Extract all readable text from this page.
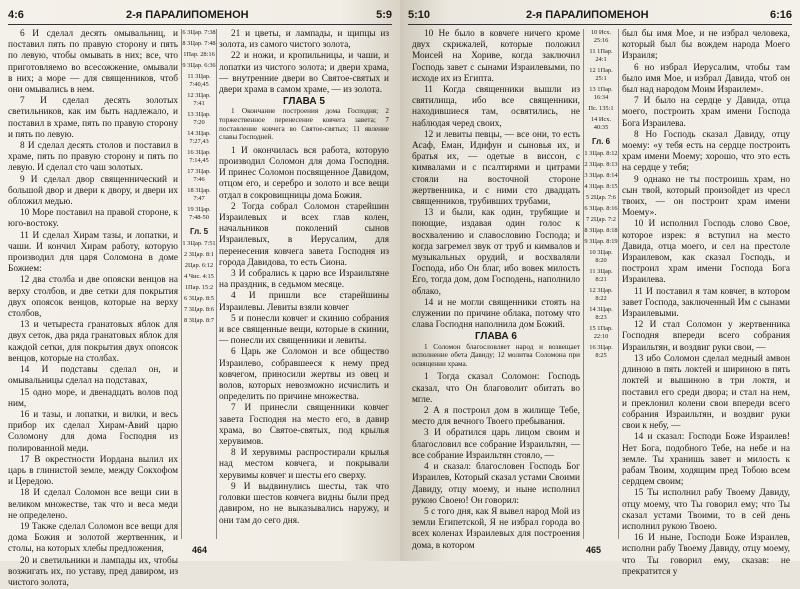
4:6	2-я ПАРАЛИПОМЕНОН	5:9

6 И сделал десять омывальниц, и поставил пять по правую сторону и пять по левую, чтобы омывать в них; все, что приготовляемо во всесожжение, омывали в них; а море — для священников, чтоб они омывались в нем.

7 И сделал десять золотых светильников, как им быть надлежало, и поставил в храме, пять по правую сторону и пять по левую.

8 И сделал десять столов и поставил в храме, пять по правую сторону и пять по левую. И сделал сто чаш золотых.

9 И сделал двор священнический и большой двор и двери к двору, и двери их обложил медью.

10 Море поставил на правой стороне, к юго-востоку.

11 И сделал Хирам тазы, и лопатки, и чаши. И кончил Хирам работу, которую производил для царя Соломона в доме Божием:

12 два столба и две опояски венцов на верху столбов, и две сетки для покрытия двух опоясок венцов, которые на верху столбов,

13 и четыреста гранатовых яблок для двух сеток, два ряда гранатовых яблок для каждой сетки, для покрытия двух опоясок венцов, которые на столбах.

14 И подставы сделал он, и омывальницы сделал на подставах,

15 одно море, и двенадцать волов под ним,

16 и тазы, и лопатки, и вилки, и весь прибор их сделал Хирам-Авий царю Соломону для дома Господня из полированной меди.

17 В окрестности Иордана вылил их царь в глинистой земле, между Сокхофом и Цередою.

18 И сделал Соломон все вещи сии в великом множестве, так что и веса меди не определено.

19 Также сделал Соломон все вещи для дома Божия и золотой жертвенник, и столы, на которых хлебы предложения,

20 и светильники и лампады их, чтобы возжигать их, по уставу, пред давиром, из чистого золота,

6 3Цар. 7:38
8 3Цар. 7:48
1Пар. 28:16
9 3Цар. 6:36
11 3Цар. 7:40,45
12 3Цар. 7:41
13 3Цар. 7:20
14 3Цар. 7:27,43
16 3Цар. 7:14,45
17 3Цар. 7:46
18 3Цар. 7:47
19 3Цар. 7:48-50
Гл. 5
1 3Цар. 7:51
2 3Цар. 8:1
2Цар. 6:12
4 Чис. 4:15
1Пар. 15:2
6 3Цар. 8:5
7 3Цар. 8:6
8 3Цар. 8:7

21 и цветы, и лампады, и щипцы из золота, из самого чистого золота,

22 и ножи, и кропильницы, и чаши, и лопатки из чистого золота; и двери храма, — внутренние двери во Святое-святых и двери храма в самом храме, — из золота.

ГЛАВА 5

1 Окончание построения дома Господня; 2 торжественное перенесение ковчега завета; 7 поставление ковчега во Святое-святых; 11 явление славы Господней.

1 И окончилась вся работа, которую производил Соломон для дома Господня. И принес Соломон посвященное Давидом, отцом его, и серебро и золото и все вещи отдал в сокровищницы дома Божия.

2 Тогда собрал Соломон старейшин Израилевых и всех глав колен, начальников поколений сынов Израилевых, в Иерусалим, для перенесения ковчега завета Господня из города Давидова, то есть Сиона.

3 И собрались к царю все Израильтяне на праздник, в седьмом месяце.

4 И пришли все старейшины Израилевы. Левиты взяли ковчег

5 и понесли ковчег и скинию собрания и все священные вещи, которые в скинии, — понесли их священники и левиты.

6 Царь же Соломон и все общество Израилево, собравшееся к нему пред ковчегом, приносили жертвы из овец и волов, которых невозможно исчислить и определить по причине множества.

7 И принесли священники ковчег завета Господня на место его, в давир храма, во Святое-святых, под крылья херувимов.

8 И херувимы распростирали крылья над местом ковчега, и покрывали херувимы ковчег и шесты его сверху.

9 И выдвинулись шесты, так что головки шестов ковчега видны были пред давиром, но не выказывались наружу, и они там до сего дня.

464
5:10	2-я ПАРАЛИПОМЕНОН	6:16

10 Не было в ковчеге ничего кроме двух скрижалей, которые положил Моисей на Хориве, когда заключил Господь завет с сынами Израилевыми, по исходе их из Египта.

11 Когда священники вышли из святилища, ибо все священники, находившиеся там, освятились, не наблюдая черед своих,

12 и левиты певцы, — все они, то есть Асаф, Еман, Идифун и сыновья их, и братья их, — одетые в виссон, с кимвалами и с псалтирями и цитрами стояли на восточной стороне жертвенника, и с ними сто двадцать священников, трубивших трубами,

13 и были, как один, трубящие и поющие, издавая один голос к восхвалению и славословию Господа; и когда загремел звук от труб и кимвалов и музыкальных орудий, и восхваляли Господа, ибо Он благ, ибо вовек милость Его, тогда дом, дом Господень, наполнило облако,

14 и не могли священники стоять на служении по причине облака, потому что слава Господня наполнила дом Божий.

ГЛАВА 6

1 Соломон благословляет народ и возвещает исполнение обета Давиду; 12 молитва Соломона при освящении храма.

1 Тогда сказал Соломон: Господь сказал, что Он благоволит обитать во мгле.

2 А я построил дом в жилище Тебе, место для вечного Твоего пребывания.

3 И обратился царь лицом своим и благословил все собрание Израильтян, — все собрание Израильтян стояло, —

4 и сказал: благословен Господь Бог Израилев, Который сказал устами Своими Давиду, отцу моему, и ныне исполнил рукою Своею! Он говорил:

5 с того дня, как Я вывел народ Мой из земли Египетской, Я не избрал города во всех коленах Израилевых для построения дома, в котором

10 Исх. 25:16
11 1Пар. 24:1
12 1Пар. 25:1
13 1Пар. 16:34
Пс. 135:1
14 Исх. 40:35
Гл. 6
1 3Цар. 8:12
2 3Цар. 8:13
3 3Цар. 8:14
4 3Цар. 8:15
5 2Цар. 7:6
6 3Цар. 8:16
7 2Цар. 7:2
8 3Цар. 8:18
9 3Цар. 8:19
10 3Цар. 8:20
11 3Цар. 8:21
12 3Цар. 8:22
14 3Цар. 8:23
15 1Пар. 22:10
16 3Цар. 8:25

был бы имя Мое, и не избрал человека, который был бы вождем народа Моего Израиля;

6 но избрал Иерусалим, чтобы там было имя Мое, и избрал Давида, чтоб он был над народом Моим Израилем».

7 И было на сердце у Давида, отца моего, построить храм имени Господа Бога Израилева.

8 Но Господь сказал Давиду, отцу моему: «у тебя есть на сердце построить храм имени Моему; хорошо, что это есть на сердце у тебя;

9 однако не ты построишь храм, но сын твой, который произойдет из чресл твоих, — он построит храм имени Моему».

10 И исполнил Господь слово Свое, которое изрек: я вступил на место Давида, отца моего, и сел на престоле Израилевом, как сказал Господь, и построил храм имени Господа Бога Израилева.

11 И поставил я там ковчег, в котором завет Господа, заключенный Им с сынами Израилевыми.

12 И стал Соломон у жертвенника Господня впереди всего собрания Израильтян, и воздвиг руки свои, —

13 ибо Соломон сделал медный амвон длиною в пять локтей и шириною в пять локтей и вышиною в три локтя, и поставил его среди двора; и стал на нем, и преклонил колени свои впереди всего собрания Израильтян, и воздвиг руки свои к небу, —

14 и сказал: Господи Боже Израилев! Нет Бога, подобного Тебе, на небе и на земле. Ты хранишь завет и милость к рабам Твоим, ходящим пред Тобою всем сердцем своим;

15 Ты исполнил рабу Твоему Давиду, отцу моему, что Ты говорил ему; что Ты сказал устами Твоими, то в сей день исполнил рукою Твоею.

16 И ныне, Господи Боже Израилев, исполни рабу Твоему Давиду, отцу моему, что Ты говорил ему, сказав: не прекратится у

465
